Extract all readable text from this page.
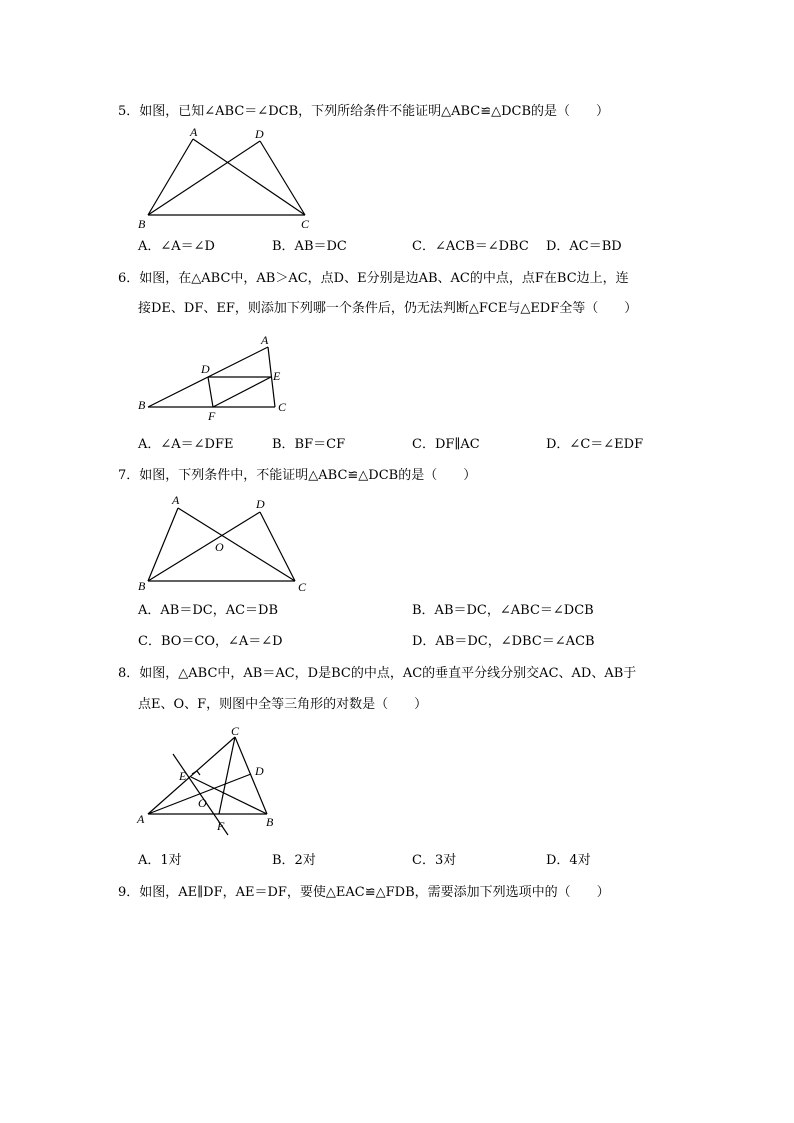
5．如图，已知∠ABC＝∠DCB，下列所给条件不能证明△ABC≌△DCB的是（　　）
A	D
B	C
A．∠A＝∠D	B．AB＝DC	C．∠ACB＝∠DBC D．AC＝BD
6．如图，在△ABC中，AB＞AC，点D、E分别是边AB、AC的中点，点F在BC边上，连
接DE、DF、EF，则添加下列哪一个条件后，仍无法判断△FCE与△EDF全等（　　）
A
D	E
B
F
C
A．∠A＝∠DFE	B．BF＝CF	C．DF∥AC	D．∠C＝∠EDF
7．如图，下列条件中，不能证明△ABC≌△DCB的是（　　）
A	D
O
B	C
A．AB＝DC，AC＝DB	B．AB＝DC，∠ABC＝∠DCB
C．BO＝CO，∠A＝∠D	D．AB＝DC，∠DBC＝∠ACB
8．如图，△ABC中，AB＝AC，D是BC的中点，AC的垂直平分线分别交AC、AD、AB于
点E、O、F，则图中全等三角形的对数是（　　）
C
E	D
O
A	F	B
A．1对	B．2对	C．3对	D．4对
9．如图，AE∥DF，AE＝DF，要使△EAC≌△FDB，需要添加下列选项中的（　　）
